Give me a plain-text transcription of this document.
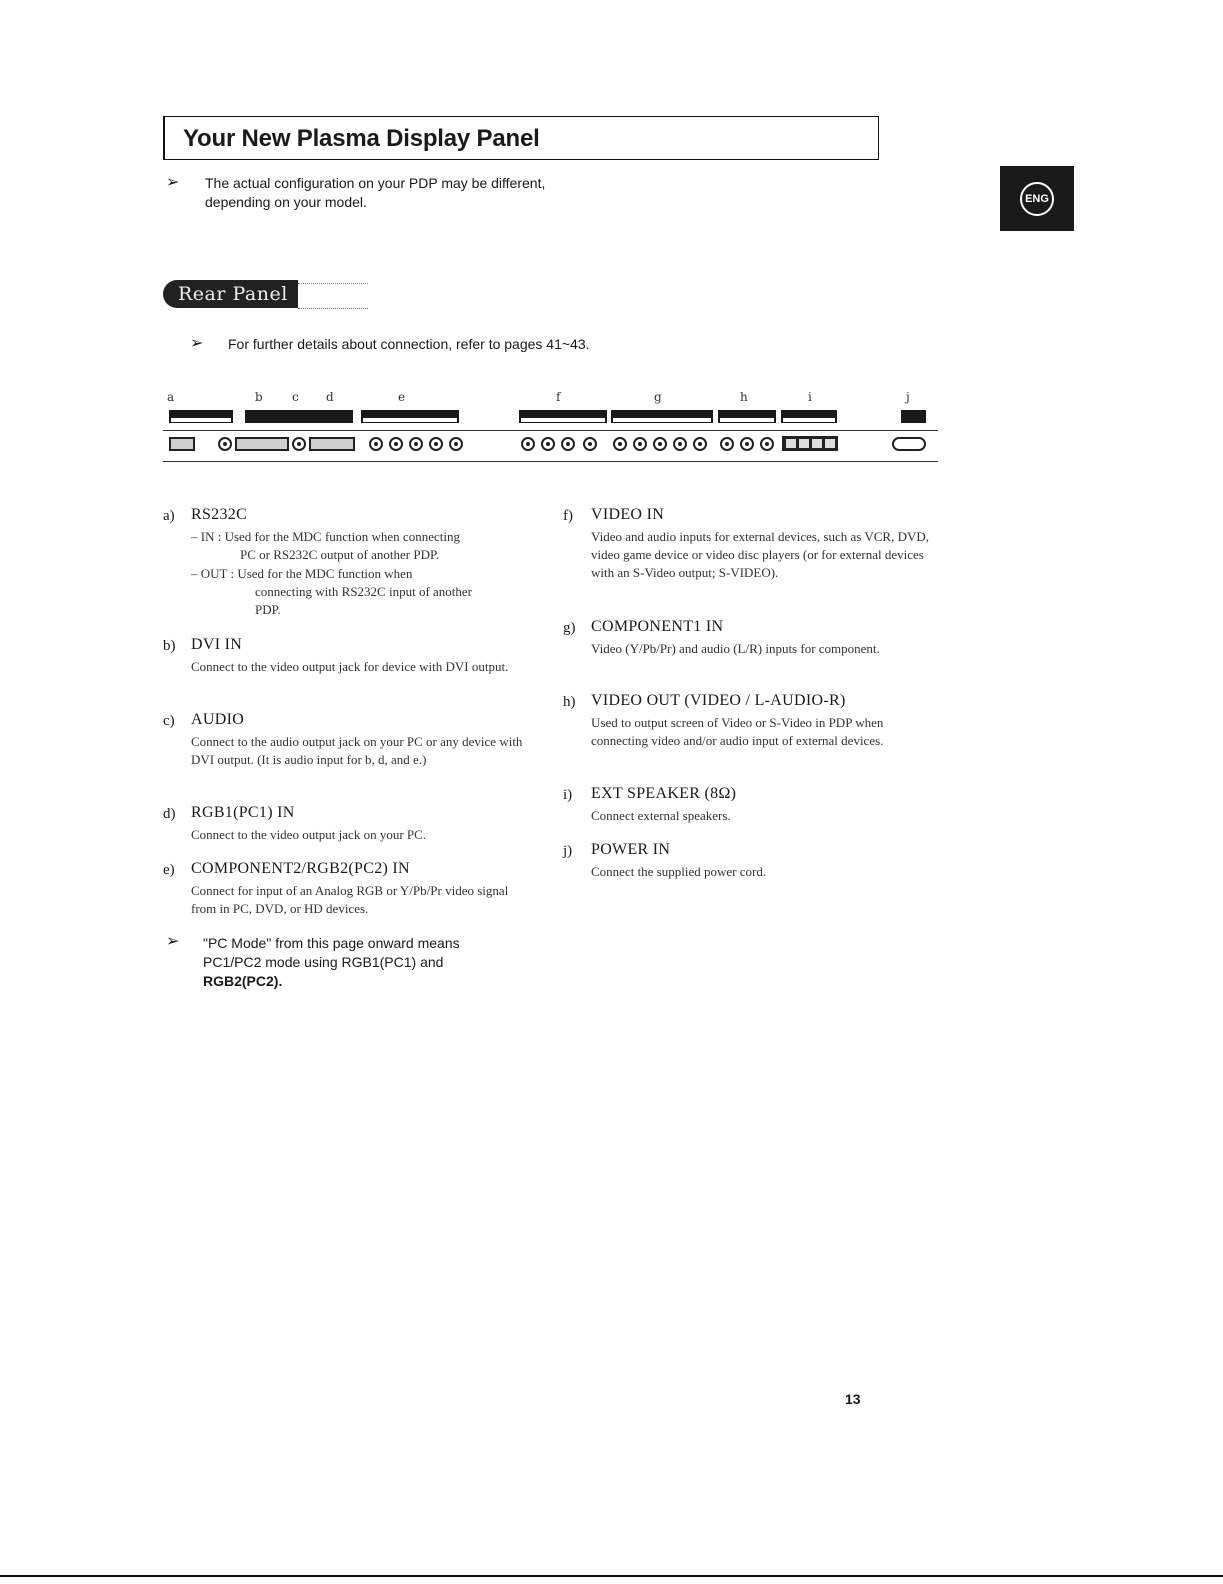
Your New Plasma Display Panel
ENG
➢ The actual configuration on your PDP may be different,
depending on your model.
Rear Panel
➢ For further details about connection, refer to pages 41~43.
a	b c d	e	f	g	h	i	j
a) RS232C
– IN : Used for the MDC function when connecting
PC or RS232C output of another PDP.
– OUT : Used for the MDC function when
connecting with RS232C input of another
PDP.
b) DVI IN
Connect to the video output jack for device with DVI output.
c) AUDIO
Connect to the audio output jack on your PC or any device with DVI output. (It is audio input for b, d, and e.)
d) RGB1(PC1) IN
Connect to the video output jack on your PC.
e) COMPONENT2/RGB2(PC2) IN
Connect for input of an Analog RGB or Y/Pb/Pr video signal from in PC, DVD, or HD devices.
➢ "PC Mode" from this page onward means
PC1/PC2 mode using RGB1(PC1) and
RGB2(PC2).
f) VIDEO IN
Video and audio inputs for external devices, such as VCR, DVD, video game device or video disc players (or for external devices with an S-Video output; S-VIDEO).
g) COMPONENT1 IN
Video (Y/Pb/Pr) and audio (L/R) inputs for component.
h) VIDEO OUT (VIDEO / L-AUDIO-R)
Used to output screen of Video or S-Video in PDP when connecting video and/or audio input of external devices.
i) EXT SPEAKER (8Ω)
Connect external speakers.
j) POWER IN
Connect the supplied power cord.
13
